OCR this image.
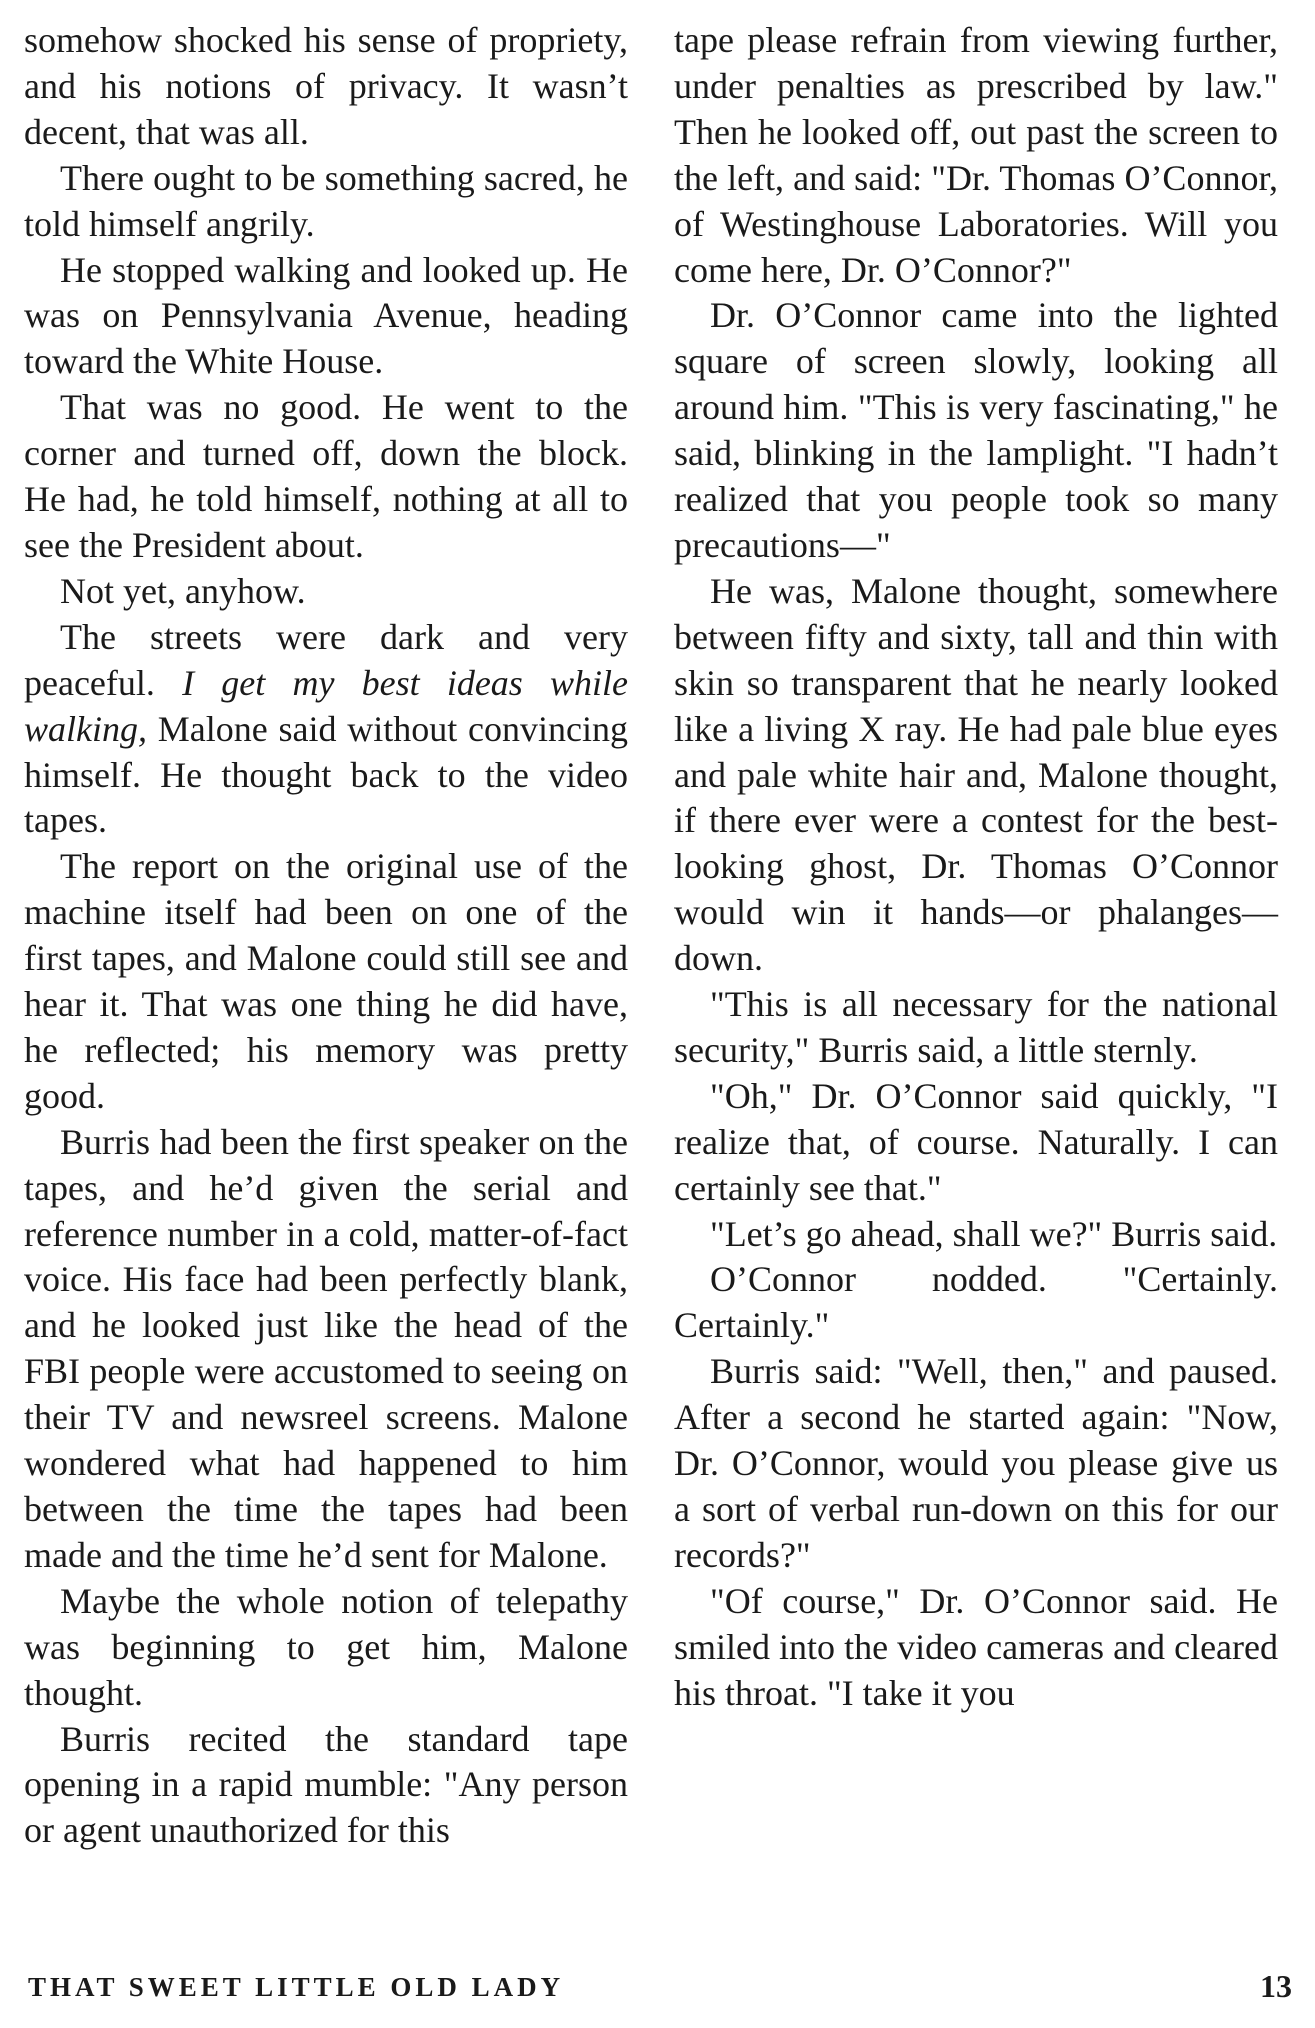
somehow shocked his sense of propriety, and his notions of privacy. It wasn’t decent, that was all.

There ought to be something sacred, he told himself angrily.

He stopped walking and looked up. He was on Pennsylvania Avenue, heading toward the White House.

That was no good. He went to the corner and turned off, down the block. He had, he told himself, nothing at all to see the President about.

Not yet, anyhow.

The streets were dark and very peaceful. I get my best ideas while walking, Malone said without convincing himself. He thought back to the video tapes.

The report on the original use of the machine itself had been on one of the first tapes, and Malone could still see and hear it. That was one thing he did have, he reflected; his memory was pretty good.

Burris had been the first speaker on the tapes, and he’d given the serial and reference number in a cold, matter-of-fact voice. His face had been perfectly blank, and he looked just like the head of the FBI people were accustomed to seeing on their TV and newsreel screens. Malone wondered what had happened to him between the time the tapes had been made and the time he’d sent for Malone.

Maybe the whole notion of telepathy was beginning to get him, Malone thought.

Burris recited the standard tape opening in a rapid mumble: "Any person or agent unauthorized for this

tape please refrain from viewing further, under penalties as prescribed by law." Then he looked off, out past the screen to the left, and said: "Dr. Thomas O’Connor, of Westinghouse Laboratories. Will you come here, Dr. O’Connor?"

Dr. O’Connor came into the lighted square of screen slowly, looking all around him. "This is very fascinating," he said, blinking in the lamplight. "I hadn’t realized that you people took so many precautions—"

He was, Malone thought, somewhere between fifty and sixty, tall and thin with skin so transparent that he nearly looked like a living X ray. He had pale blue eyes and pale white hair and, Malone thought, if there ever were a contest for the best-looking ghost, Dr. Thomas O’Connor would win it hands—or phalanges—down.

"This is all necessary for the national security," Burris said, a little sternly.

"Oh," Dr. O’Connor said quickly, "I realize that, of course. Naturally. I can certainly see that."

"Let’s go ahead, shall we?" Burris said.

O’Connor nodded. "Certainly. Certainly."

Burris said: "Well, then," and paused. After a second he started again: "Now, Dr. O’Connor, would you please give us a sort of verbal run-down on this for our records?"

"Of course," Dr. O’Connor said. He smiled into the video cameras and cleared his throat. "I take it you

THAT SWEET LITTLE OLD LADY	13
